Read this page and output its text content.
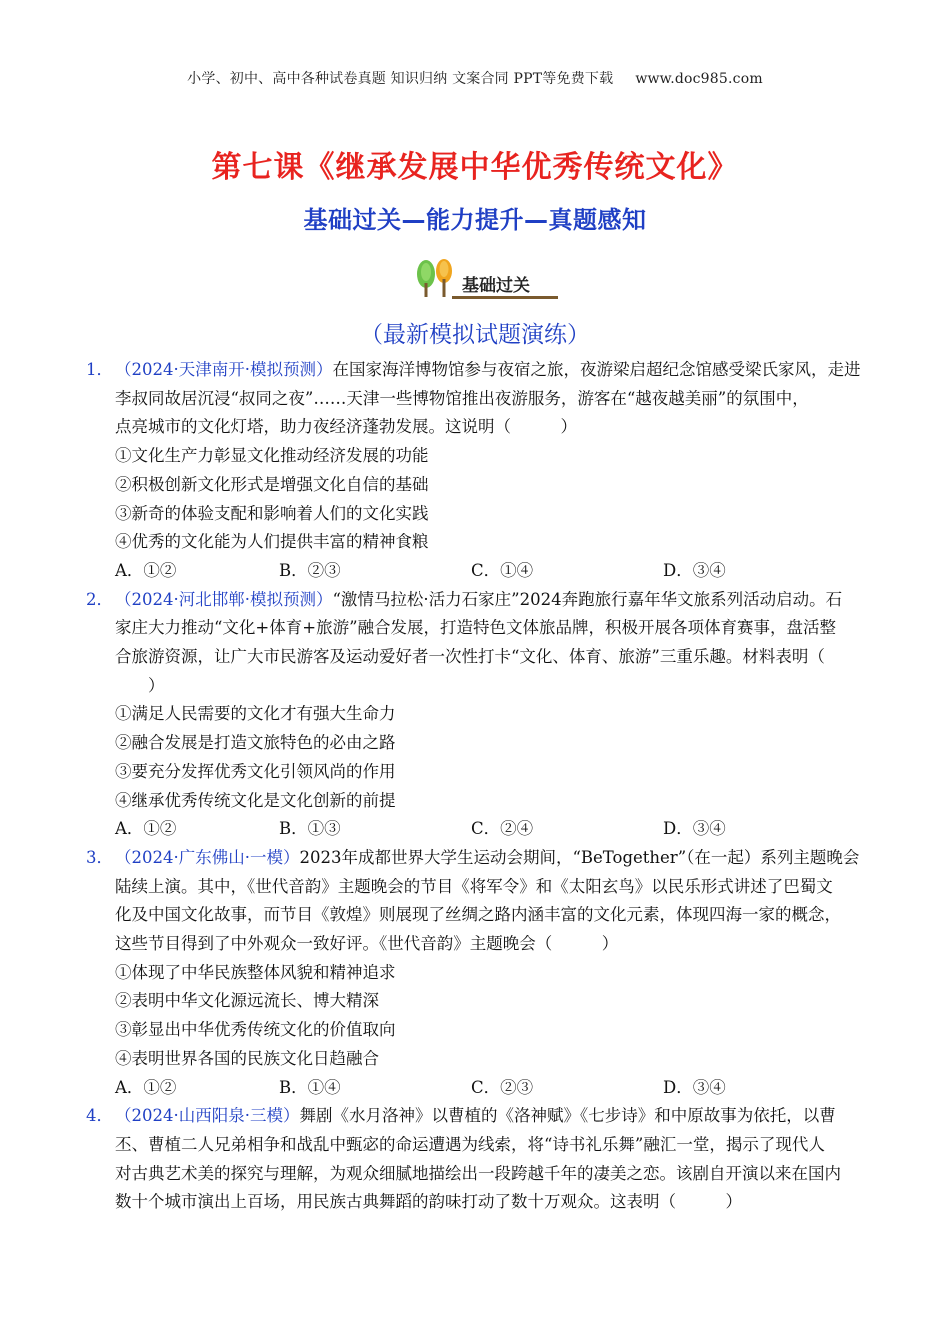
小学、初中、高中各种试卷真题 知识归纳 文案合同 PPT等免费下载 www.doc985.com
第七课《继承发展中华优秀传统文化》
基础过关—能力提升—真题感知
基础过关
（最新模拟试题演练）
1． （2024·天津南开·模拟预测）在国家海洋博物馆参与夜宿之旅，夜游梁启超纪念馆感受梁氏家风，走进
李叔同故居沉浸“叔同之夜”……天津一些博物馆推出夜游服务，游客在“越夜越美丽”的氛围中，
点亮城市的文化灯塔，助力夜经济蓬勃发展。这说明（　　　）
①文化生产力彰显文化推动经济发展的功能
②积极创新文化形式是增强文化自信的基础
③新奇的体验支配和影响着人们的文化实践
④优秀的文化能为人们提供丰富的精神食粮
A．①②	B．②③	C．①④	D．③④
2． （2024·河北邯郸·模拟预测）“激情马拉松·活力石家庄”2024奔跑旅行嘉年华文旅系列活动启动。石
家庄大力推动“文化+体育+旅游”融合发展，打造特色文体旅品牌，积极开展各项体育赛事，盘活整
合旅游资源，让广大市民游客及运动爱好者一次性打卡“文化、体育、旅游”三重乐趣。材料表明（
　　）
①满足人民需要的文化才有强大生命力
②融合发展是打造文旅特色的必由之路
③要充分发挥优秀文化引领风尚的作用
④继承优秀传统文化是文化创新的前提
A．①②	B．①③	C．②④	D．③④
3． （2024·广东佛山·一模）2023年成都世界大学生运动会期间，“BeTogether”（在一起）系列主题晚会
陆续上演。其中，《世代音韵》主题晚会的节目《将军令》和《太阳玄鸟》以民乐形式讲述了巴蜀文
化及中国文化故事，而节目《敦煌》则展现了丝绸之路内涵丰富的文化元素，体现四海一家的概念，
这些节目得到了中外观众一致好评。《世代音韵》主题晚会（　　　）
①体现了中华民族整体风貌和精神追求
②表明中华文化源远流长、博大精深
③彰显出中华优秀传统文化的价值取向
④表明世界各国的民族文化日趋融合
A．①②	B．①④	C．②③	D．③④
4． （2024·山西阳泉·三模）舞剧《水月洛神》以曹植的《洛神赋》《七步诗》和中原故事为依托，以曹
丕、曹植二人兄弟相争和战乱中甄宓的命运遭遇为线索，将“诗书礼乐舞”融汇一堂，揭示了现代人
对古典艺术美的探究与理解，为观众细腻地描绘出一段跨越千年的凄美之恋。该剧自开演以来在国内
数十个城市演出上百场，用民族古典舞蹈的韵味打动了数十万观众。这表明（　　　）
